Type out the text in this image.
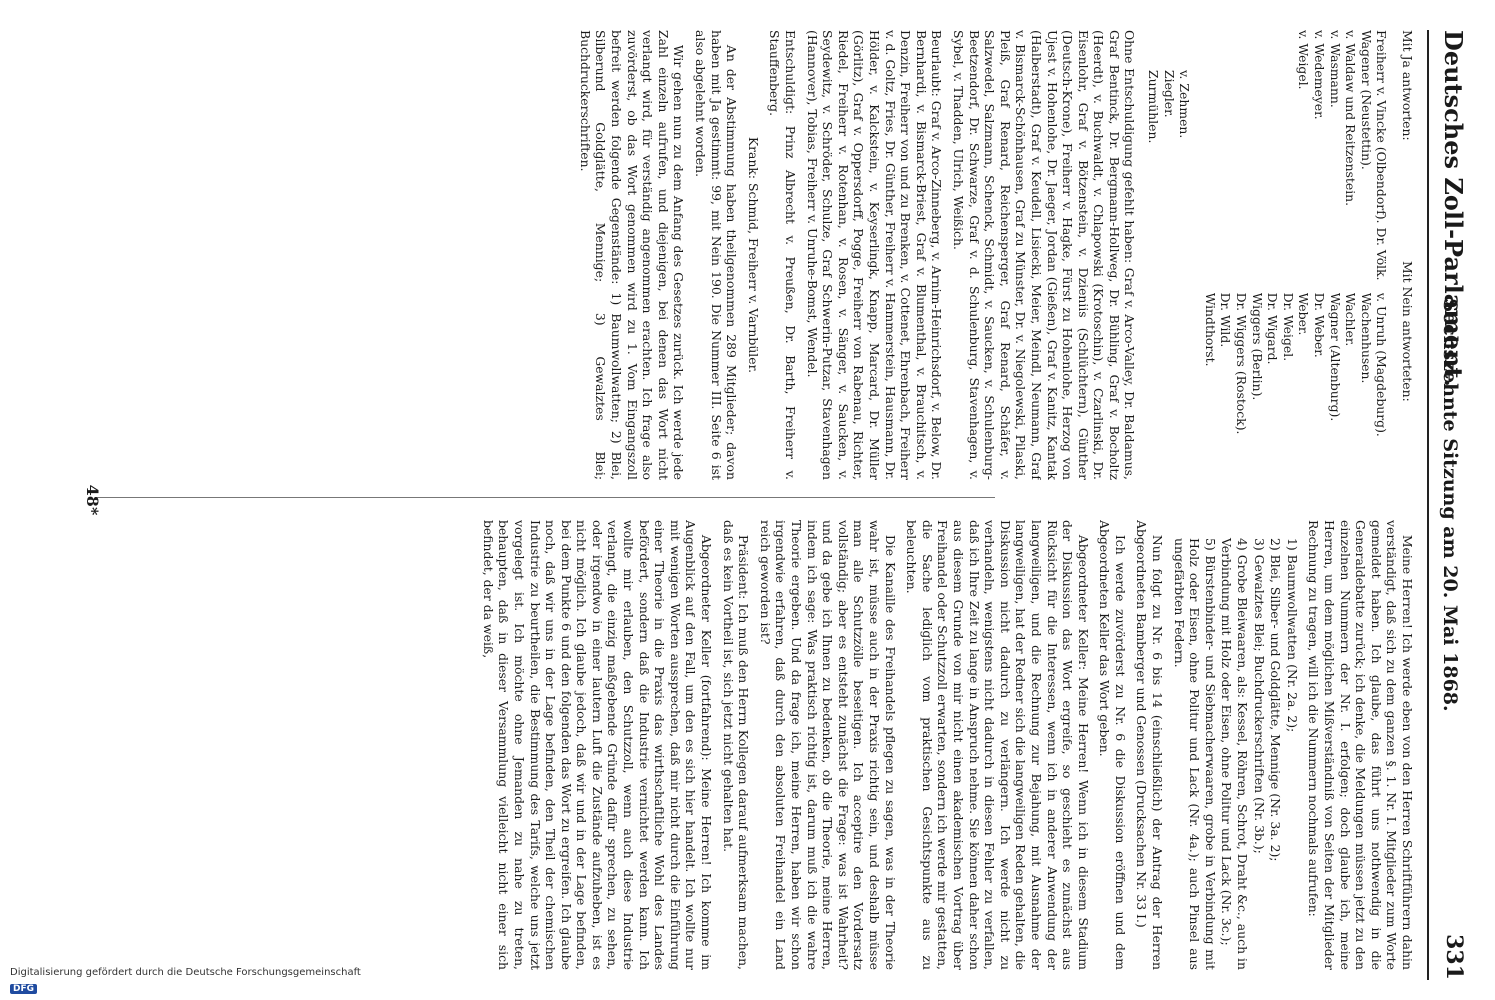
Deutsches Zoll-Parlament.
Sechszehnte Sitzung am 20. Mai 1868.
331
Mit Ja antworten:
Mit Nein antworteten:
Freiherr v. Vincke (Olbendorf). Dr. Völk.
Wagener (Neustettin).
v. Waldaw und Reitzenstein.
v. Wasmann.
v. Wedemeyer.
v. Weigel.
v. Unruh (Magdeburg).
Wachenhusen.
Wachler.
Wagner (Altenburg).
Dr. Weber.
Weber.
Dr. Weigel.
Dr. Wigard.
Wiggers (Berlin).
Dr. Wiggers (Rostock).
Dr. Wild.
Windthorst.
v. Zehmen.
Ziegler.
Zurmühlen.

Ohne Entschuldigung gefehlt haben: Graf v. Arco-Valley, Dr. Baldamus, Graf Bentinck, Dr. Bergmann-Hollweg, Dr. Bühling, Graf v. Bocholtz (Heerdt), v. Buchwaldt, v. Chlapowski (Krotoschin), v. Czarlinski, Dr. Eisenlohr, Graf v. Bötzenstein, v. Dzieniis (Schlüchtern), Günther (Deutsch-Krone), Freiherr v. Hagke, Fürst zu Hohenlohe, Herzog von Ujest v. Hohenlohe, Dr. Jaeger, Jordan (Gießen), Graf v. Kanitz, Kantak (Halberstadt), Graf v. Keudell, Lisiecki, Meier, Meindl, Neumann, Graf v. Bismarck-Schönhausen, Graf zu Münster, Dr. v. Niegolewski, Pilaski, Pleiß, Graf Renard, Reichensperger, Graf Renard, Schäfer, v. Salzwedel, Salzmann, Schenck, Schmidt, v. Saucken, v. Schulenburg-Beetzendorf, Dr. Schwarze, Graf v. d. Schulenburg, Stavenhagen, v. Sybel, v. Thadden, Ulrich, Weißich.

Beurlaubt: Graf v. Arco-Zinneberg, v. Arnim-Heinrichsdorf, v. Below, Dr. Bernhardi, v. Bismarck-Briest, Graf v. Blumenthal, v. Brauchitsch, v. Denzin, Freiherr von und zu Brenken, v. Cottenet, Ehrenbach, Freiherr v. d. Goltz, Fries, Dr. Günther, Freiherr v. Hammerstein, Hausmann, Dr. Hölder, v. Kalckstein, v. Keyserlingk, Knapp, Marcard, Dr. Müller (Görlitz), Graf v. Oppersdorff, Pogge, Freiherr von Rabenau, Richter, Riedel, Freiherr v. Rotenhan, v. Rosen, v. Sänger, v. Saucken, v. Seydewitz, v. Schröder, Schulze, Graf Schwerin-Putzar, Stavenhagen (Hannover), Tobias, Freiherr v. Unruhe-Bomst, Wendel.

Entschuldigt: Prinz Albrecht v. Preußen, Dr. Barth, Freiherr v. Stauffenberg.

Krank: Schmid, Freiherr v. Varnbüler.

An der Abstimmung haben theilgenommen 289 Mitglieder; davon haben mit Ja gestimmt: 99, mit Nein 190. Die Nummer III. Seite 6 ist also abgelehnt worden.

Wir gehen nun zu dem Anfang des Gesetzes zurück. Ich werde jede Zahl einzeln aufrufen, und diejenigen, bei denen das Wort nicht verlangt wird, für verständig angenommen erachten. Ich frage also zuvörderst, ob das Wort genommen wird zu 1. Vom Eingangszoll befreit werden folgende Gegenstände: 1) Baumwollwatten; 2) Blei, Silberund Goldglätte, Mennige; 3) Gewalztes Blei; Buchdruckerschriften.

Meine Herren! Ich werde eben von den Herren Schriftführern dahin verständigt, daß sich zu dem ganzen §. 1. Nr. I. Mitglieder zum Worte gemeldet haben. Ich glaube, das führt uns nothwendig in die Generaldebatte zurück; ich denke, die Meldungen müssen jetzt zu den einzelnen Nummern der Nr. I. erfolgen; doch glaube ich, meine Herren, um dem möglichen Mißverständniß von Seiten der Mitglieder Rechnung zu tragen, will ich die Nummern nochmals aufrufen:

1) Baumwollwatten (Nr. 2a. 2);
2) Blei, Silber- und Goldglätte, Mennige (Nr. 3a. 2);
3) Gewalztes Blei; Buchdruckerschriften (Nr. 3b.);
4) Grobe Bleiwaaren, als: Kessel, Röhren, Schrot, Draht &c., auch in Verbindung mit Holz oder Eisen, ohne Politur und Lack (Nr. 3c.);
5) Bürstenbinder- und Siebmacherwaaren, grobe in Verbindung mit Holz oder Eisen, ohne Politur und Lack (Nr. 4a.); auch Pinsel aus ungefärbten Federn.

Nun folgt zu Nr. 6 bis 14 (einschließlich) der Antrag der Herren Abgeordneten Bamberger und Genossen (Drucksachen Nr. 33 I.)

Ich werde zuvörderst zu Nr. 6 die Diskussion eröffnen und dem Abgeordneten Keller das Wort geben.

Abgeordneter Keller: Meine Herren! Wenn ich in diesem Stadium der Diskussion das Wort ergreife, so geschieht es zunächst aus Rücksicht für die Interessen, wenn ich in anderer Anwendung der langweiligen, und die Rechnung zur Bejahung, mit Ausnahme der langweiligen, hat der Redner sich die langweiligen Reden gehalten, die Diskussion nicht dadurch zu verlängern. Ich werde nicht zu verhandeln, wenigstens nicht dadurch in diesen Fehler zu verfallen, daß ich Ihre Zeit zu lange in Anspruch nehme. Sie können daher schon aus diesem Grunde von mir nicht einen akademischen Vortrag über Freihandel oder Schutzzoll erwarten, sondern ich werde mir gestatten, die Sache lediglich vom praktischen Gesichtspunkte aus zu beleuchten.

Die Kanaille des Freihandels pflegen zu sagen, was in der Theorie wahr ist, müsse auch in der Praxis richtig sein, und deshalb müsse man alle Schutzzölle beseitigen. Ich acceptire den Vordersatz vollständig; aber es entsteht zunächst die Frage: was ist Wahrheit? und da gebe ich Ihnen zu bedenken, ob die Theorie, meine Herren, indem ich sage: Was praktisch richtig ist, darum muß ich die wahre Theorie ergeben. Und da frage ich, meine Herren, haben wir schon irgendwie erfahren, daß durch den absoluten Freihandel ein Land reich geworden ist?

Präsident: Ich muß den Herrn Kollegen darauf aufmerksam machen, daß es kein Vortheil ist, sich jetzt nicht gehalten hat.

Abgeordneter Keller (fortfahrend): Meine Herren! Ich komme im Augenblick auf den Fall, um den es sich hier handelt. Ich wollte nur mit wenigen Worten aussprechen, daß mir nicht durch die Einführung einer Theorie in die Praxis das wirthschaftliche Wohl des Landes befördert, sondern daß die Industrie vernichtet werden kann. Ich wollte mir erlauben, den Schutzzoll, wenn auch diese Industrie verlangt, die einzig maßgebende Gründe dafür sprechen, zu sehen, oder irgendwo in einer lautern Luft die Zustände aufzuheben, ist es nicht möglich. Ich glaube jedoch, daß wir und in der Lage befinden, bei dem Punkte 6 und den folgenden das Wort zu ergreifen. Ich glaube noch, daß wir uns in der Lage befinden, den Theil der chemischen Industrie zu beurtheilen, die Bestimmung des Tarifs, welche uns jetzt vorgelegt ist. Ich möchte ohne Jemanden zu nahe zu treten, behaupten, daß in dieser Versammlung vielleicht nicht einer sich befindet, der da weiß,

48*
Digitalisierung gefördert durch die Deutsche Forschungsgemeinschaft
DFG
